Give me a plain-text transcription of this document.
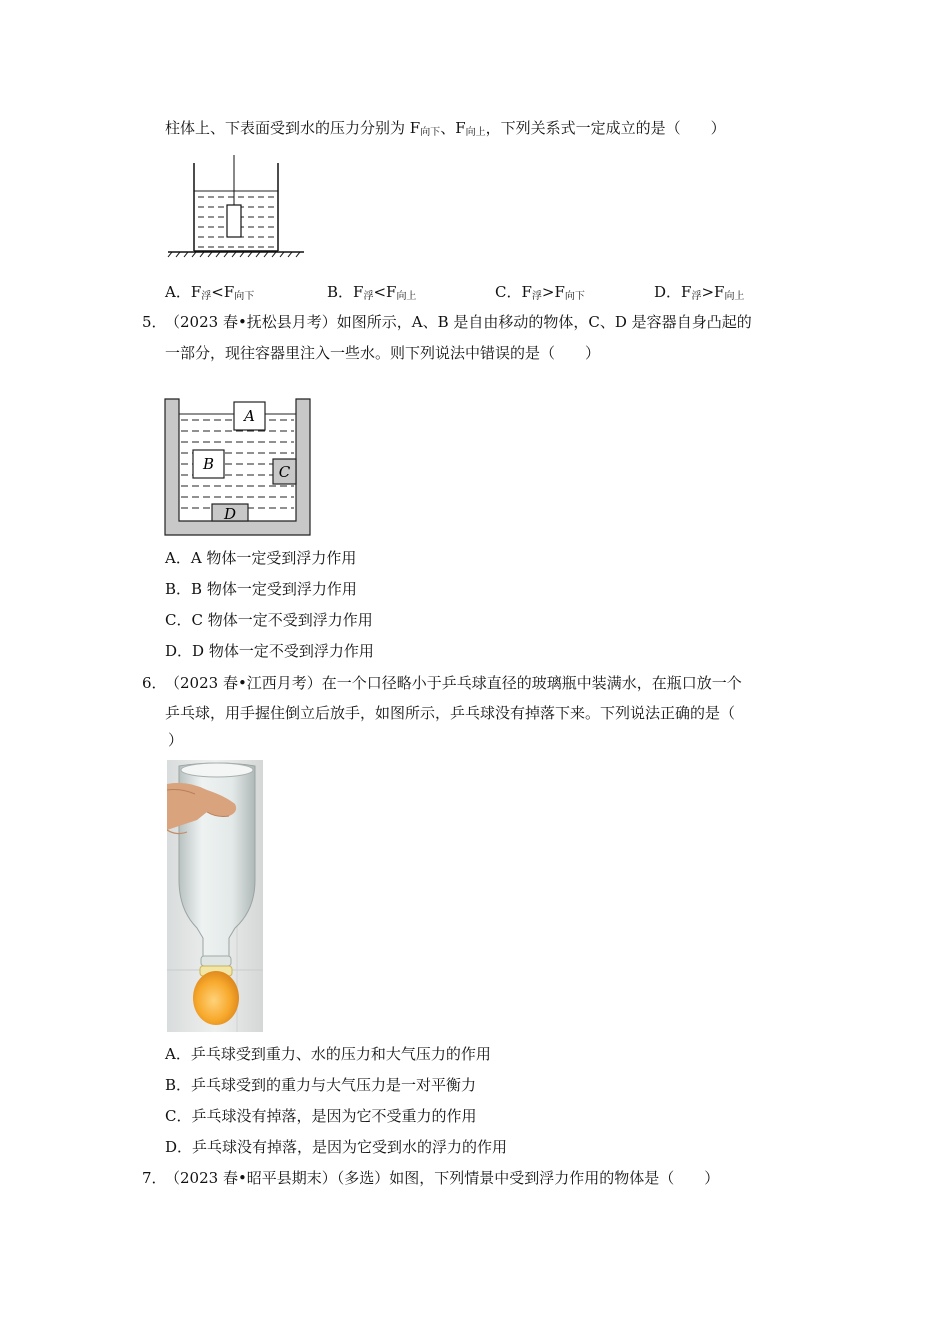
柱体上、下表面受到水的压力分别为 $F_{向下}$、$F_{向上}$，下列关系式一定成立的是（　　）
A．$F_浮<F_{向下}$	B．$F_浮<F_{向上}$	C．$F_浮>F_{向下}$	D．$F_浮>F_{向上}$
5．
（2023 春•抚松县月考）如图所示，A、B 是自由移动的物体，C、D 是容器自身凸起的
一部分，现往容器里注入一些水。则下列说法中错误的是（　　）
A
B	C
D
A．A 物体一定受到浮力作用
B．B 物体一定受到浮力作用
C．C 物体一定不受到浮力作用
D．D 物体一定不受到浮力作用
6．
（2023 春•江西月考）在一个口径略小于乒乓球直径的玻璃瓶中装满水，在瓶口放一个
乒乓球，用手握住倒立后放手，如图所示，乒乓球没有掉落下来。下列说法正确的是（
）
A．乒乓球受到重力、水的压力和大气压力的作用
B．乒乓球受到的重力与大气压力是一对平衡力
C．乒乓球没有掉落，是因为它不受重力的作用
D．乒乓球没有掉落，是因为它受到水的浮力的作用
7．
（2023 春•昭平县期末）（多选）如图，下列情景中受到浮力作用的物体是（　　）
